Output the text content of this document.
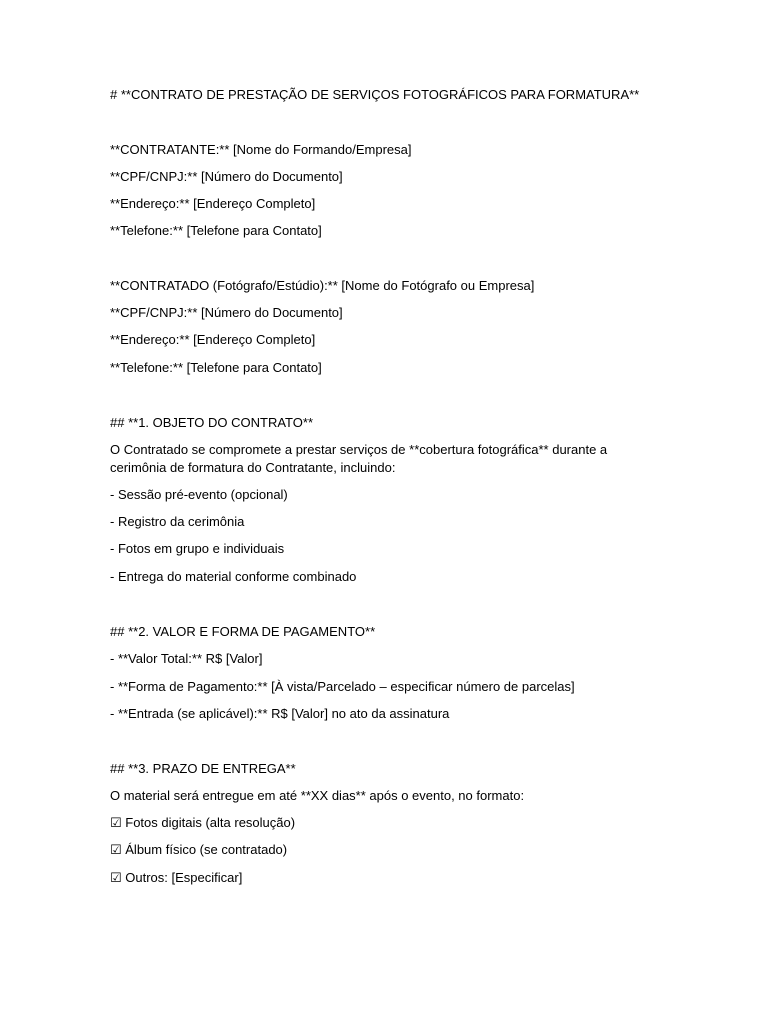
# **CONTRATO DE PRESTAÇÃO DE SERVIÇOS FOTOGRÁFICOS PARA FORMATURA**
**CONTRATANTE:** [Nome do Formando/Empresa]
**CPF/CNPJ:** [Número do Documento]
**Endereço:** [Endereço Completo]
**Telefone:** [Telefone para Contato]
**CONTRATADO (Fotógrafo/Estúdio):** [Nome do Fotógrafo ou Empresa]
**CPF/CNPJ:** [Número do Documento]
**Endereço:** [Endereço Completo]
**Telefone:** [Telefone para Contato]
## **1. OBJETO DO CONTRATO**
O Contratado se compromete a prestar serviços de **cobertura fotográfica** durante a
cerimônia de formatura do Contratante, incluindo:
- Sessão pré-evento (opcional)
- Registro da cerimônia
- Fotos em grupo e individuais
- Entrega do material conforme combinado
## **2. VALOR E FORMA DE PAGAMENTO**
- **Valor Total:** R$ [Valor]
- **Forma de Pagamento:** [À vista/Parcelado – especificar número de parcelas]
- **Entrada (se aplicável):** R$ [Valor] no ato da assinatura
## **3. PRAZO DE ENTREGA**
O material será entregue em até **XX dias** após o evento, no formato:
☑ Fotos digitais (alta resolução)
☑ Álbum físico (se contratado)
☑ Outros: [Especificar]
